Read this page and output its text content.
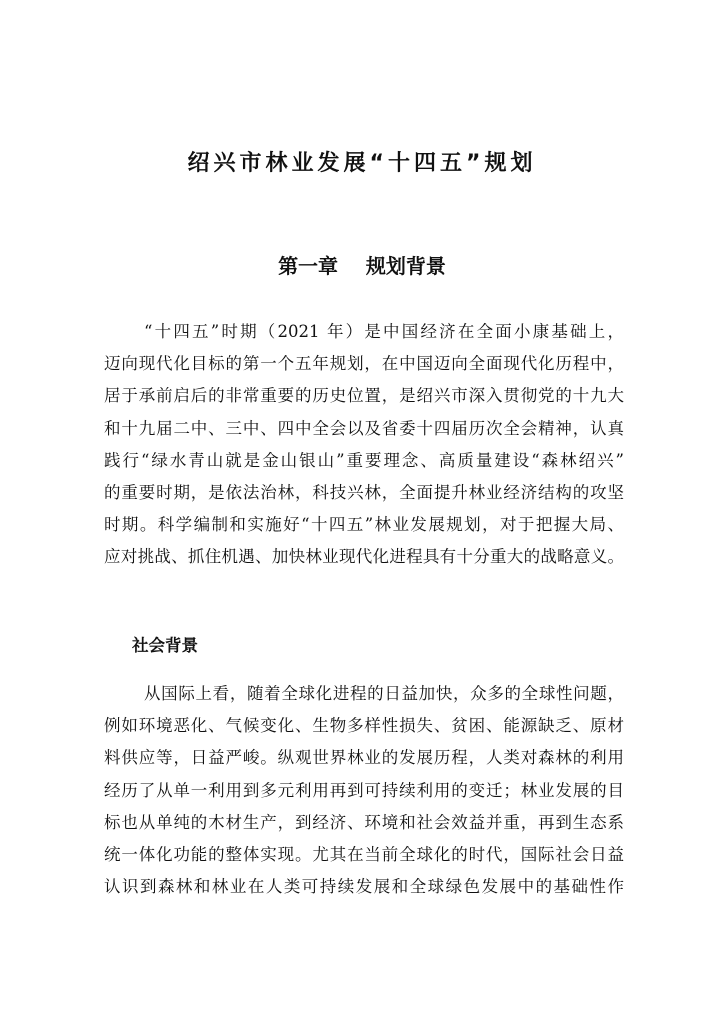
绍兴市林业发展“十四五”规划
第一章    规划背景
“十四五”时期（2021 年）是中国经济在全面小康基础上，
迈向现代化目标的第一个五年规划，在中国迈向全面现代化历程中，
居于承前启后的非常重要的历史位置，是绍兴市深入贯彻党的十九大
和十九届二中、三中、四中全会以及省委十四届历次全会精神，认真
践行“绿水青山就是金山银山”重要理念、高质量建设“森林绍兴”
的重要时期，是依法治林，科技兴林，全面提升林业经济结构的攻坚
时期。科学编制和实施好“十四五”林业发展规划，对于把握大局、
应对挑战、抓住机遇、加快林业现代化进程具有十分重大的战略意义。
社会背景
从国际上看，随着全球化进程的日益加快，众多的全球性问题，
例如环境恶化、气候变化、生物多样性损失、贫困、能源缺乏、原材
料供应等，日益严峻。纵观世界林业的发展历程，人类对森林的利用
经历了从单一利用到多元利用再到可持续利用的变迁；林业发展的目
标也从单纯的木材生产，到经济、环境和社会效益并重，再到生态系
统一体化功能的整体实现。尤其在当前全球化的时代，国际社会日益
认识到森林和林业在人类可持续发展和全球绿色发展中的基础性作
